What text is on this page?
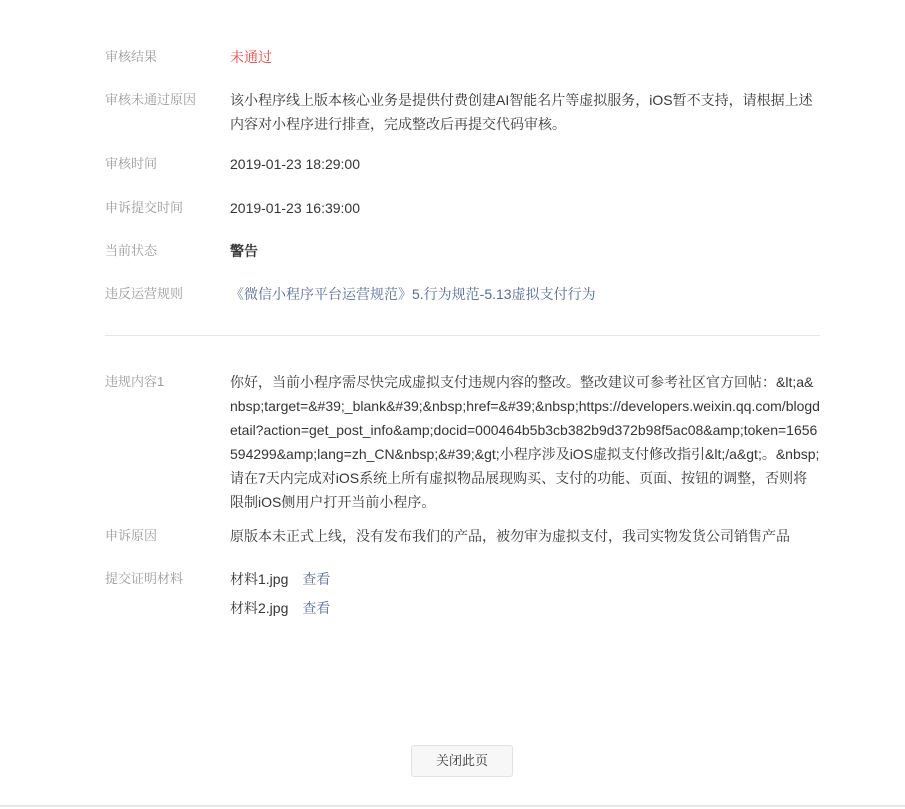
审核结果	未通过
审核未通过原因	该小程序线上版本核心业务是提供付费创建AI智能名片等虚拟服务，iOS暂不支持，请根据上述内容对小程序进行排查，完成整改后再提交代码审核。
审核时间	2019-01-23 18:29:00
申诉提交时间	2019-01-23 16:39:00
当前状态	警告
违反运营规则	《微信小程序平台运营规范》5.行为规范-5.13虚拟支付行为
违规内容1	你好，当前小程序需尽快完成虚拟支付违规内容的整改。整改建议可参考社区官方回帖：&lt;a&nbsp;target=&#39;_blank&#39;&nbsp;href=&#39;&nbsp;https://developers.weixin.qq.com/blogdetail?action=get_post_info&amp;docid=000464b5b3cb382b9d372b98f5ac08&amp;token=1656594299&amp;lang=zh_CN&nbsp;&#39;&gt;小程序涉及iOS虚拟支付修改指引&lt;/a&gt;。&nbsp;请在7天内完成对iOS系统上所有虚拟物品展现购买、支付的功能、页面、按钮的调整，否则将限制iOS侧用户打开当前小程序。
申诉原因	原版本未正式上线，没有发布我们的产品，被勿审为虚拟支付，我司实物发货公司销售产品
提交证明材料	材料1.jpg 查看
材料2.jpg 查看
关闭此页
